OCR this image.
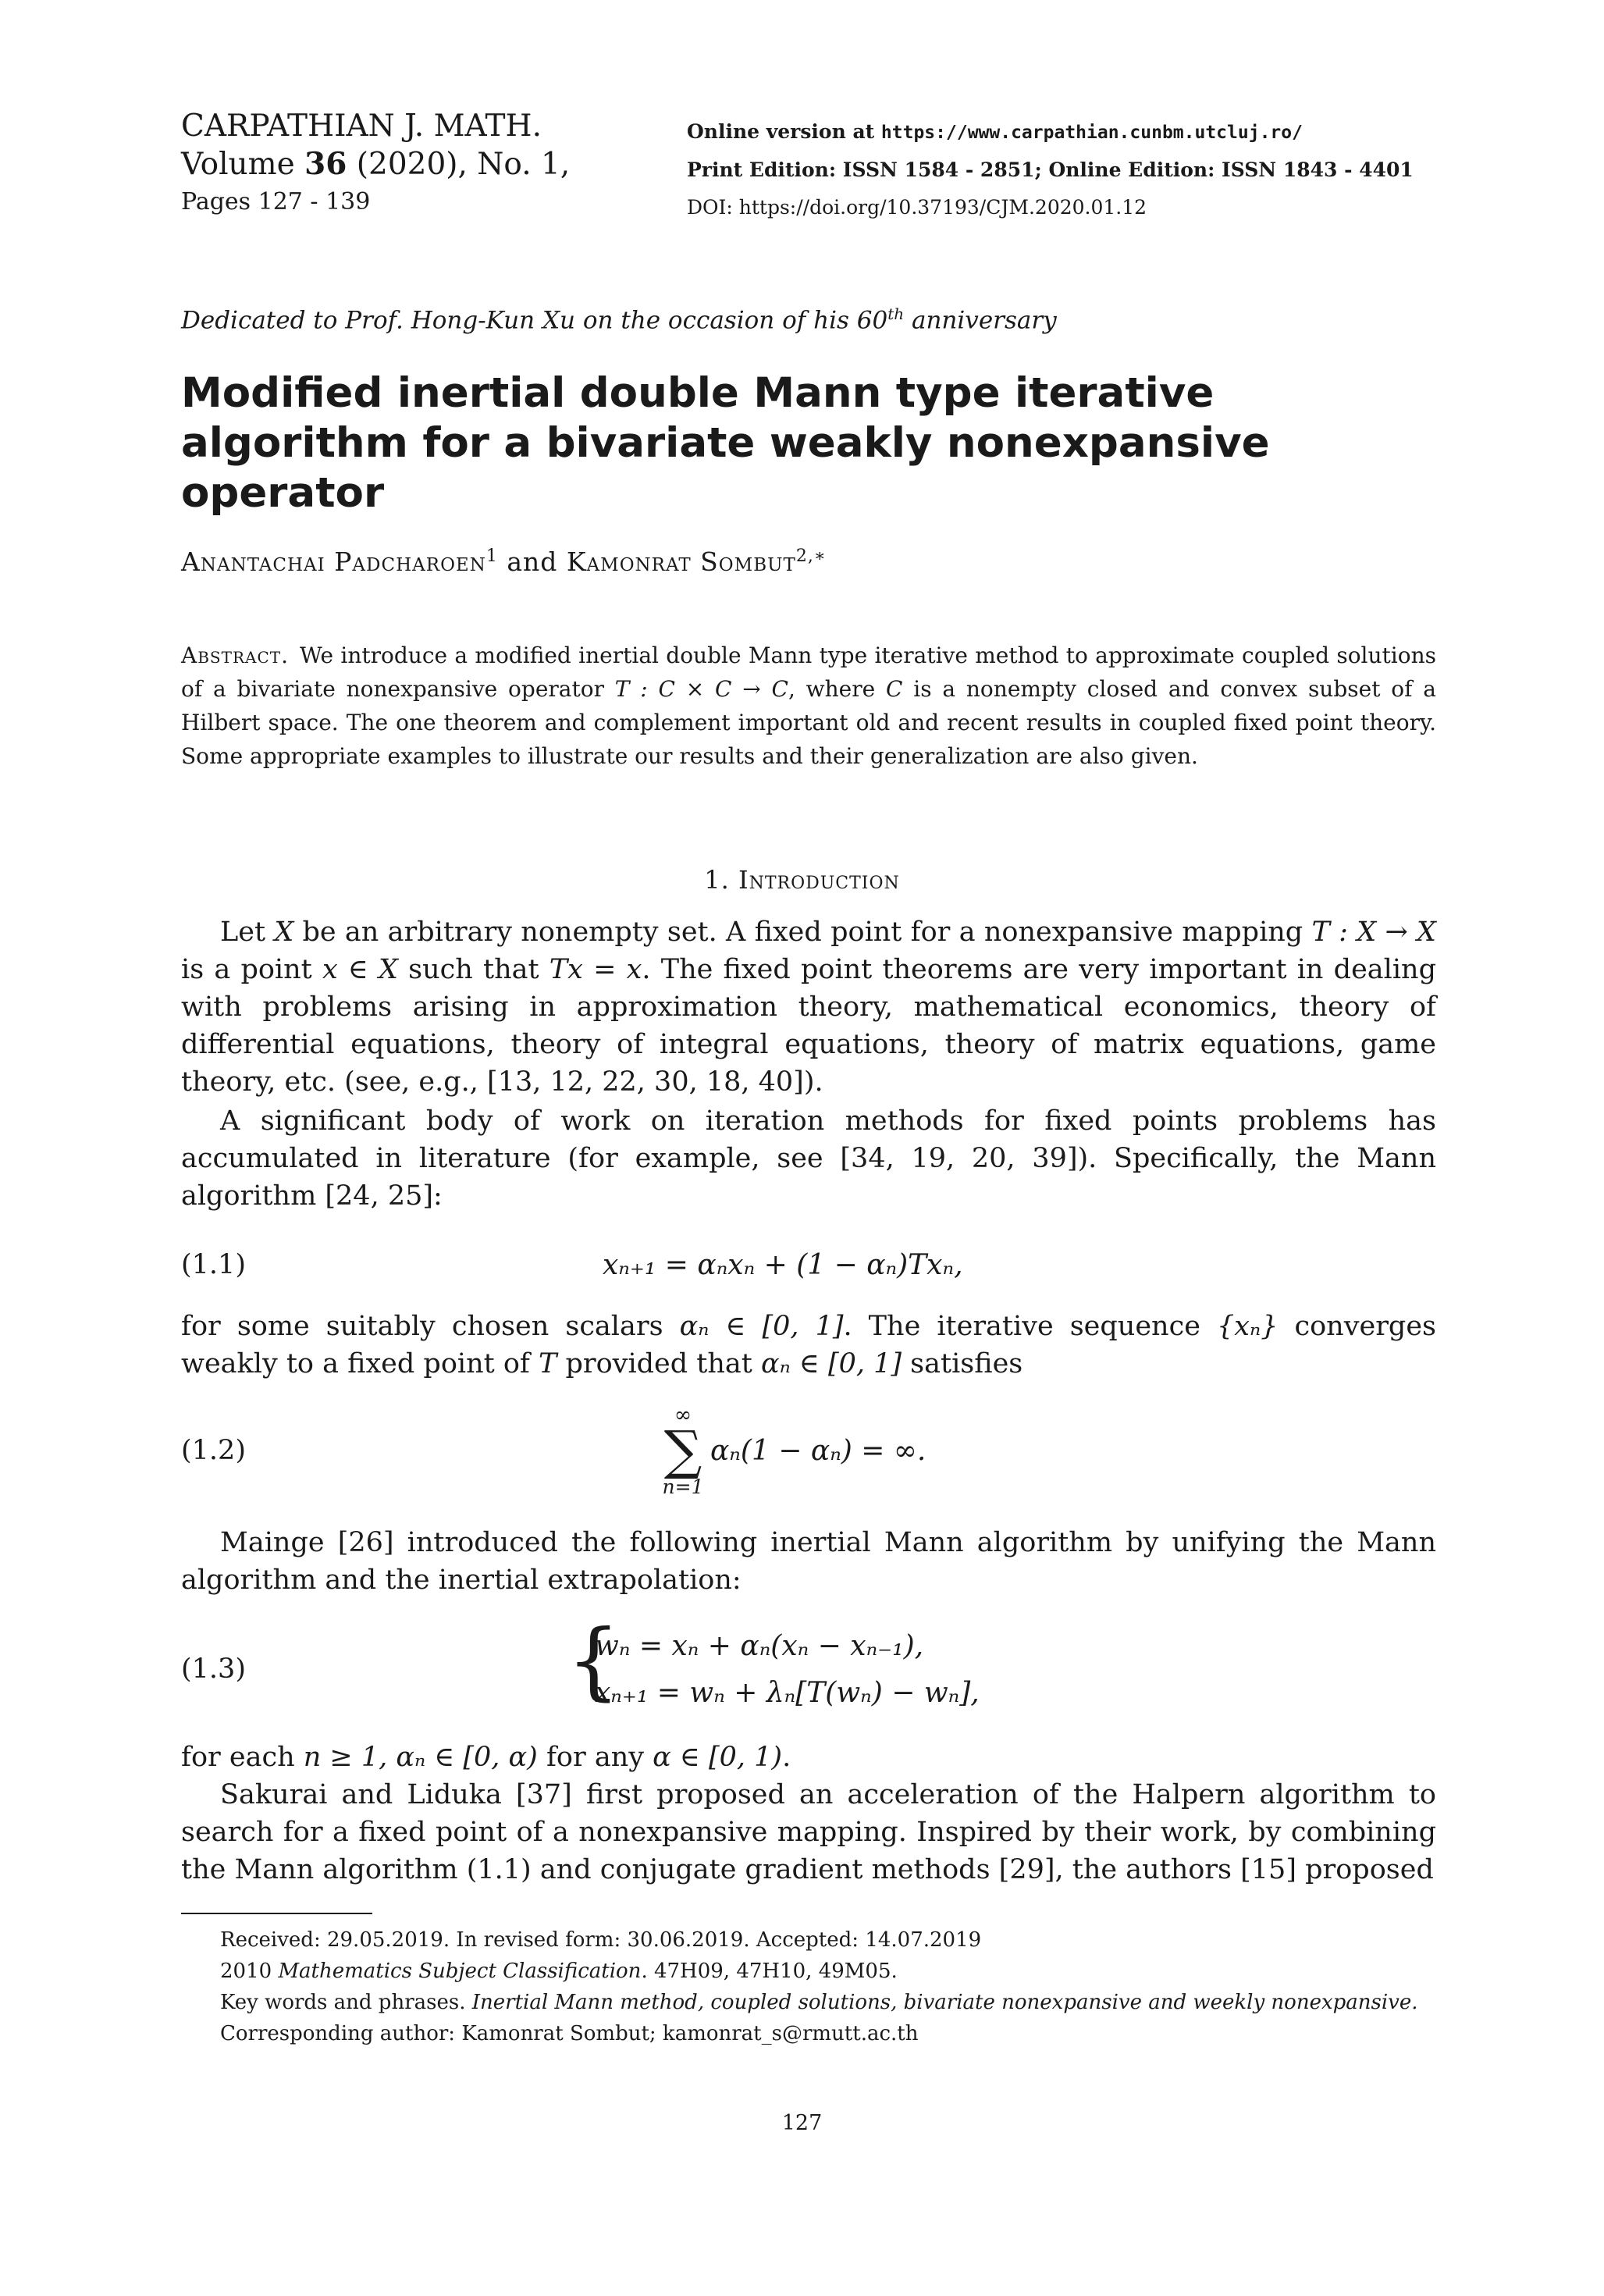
CARPATHIAN J. MATH.
Volume 36 (2020), No. 1,
Pages 127 - 139
Online version at https://www.carpathian.cunbm.utcluj.ro/
Print Edition: ISSN 1584 - 2851; Online Edition: ISSN 1843 - 4401
DOI: https://doi.org/10.37193/CJM.2020.01.12
Dedicated to Prof. Hong-Kun Xu on the occasion of his 60th anniversary
Modified inertial double Mann type iterative algorithm for a bivariate weakly nonexpansive operator
Anantachai Padcharoen$^1$ and Kamonrat Sombut$^{2,∗}$
Abstract. We introduce a modified inertial double Mann type iterative method to approximate coupled solutions of a bivariate nonexpansive operator T : C × C → C, where C is a nonempty closed and convex subset of a Hilbert space. The one theorem and complement important old and recent results in coupled fixed point theory. Some appropriate examples to illustrate our results and their generalization are also given.
1. Introduction
Let X be an arbitrary nonempty set. A fixed point for a nonexpansive mapping T : X → X is a point x ∈ X such that Tx = x. The fixed point theorems are very important in dealing with problems arising in approximation theory, mathematical economics, theory of differential equations, theory of integral equations, theory of matrix equations, game theory, etc. (see, e.g., [13, 12, 22, 30, 18, 40]).
A significant body of work on iteration methods for fixed points problems has accumulated in literature (for example, see [34, 19, 20, 39]). Specifically, the Mann algorithm [24, 25]:
(1.1)	xₙ₊₁ = αₙxₙ + (1 − αₙ)Txₙ,
for some suitably chosen scalars αₙ ∈ [0, 1]. The iterative sequence {xₙ} converges weakly to a fixed point of T provided that αₙ ∈ [0, 1] satisfies
(1.2)
∞
∑
n=1
αₙ(1 − αₙ) = ∞.
Mainge [26] introduced the following inertial Mann algorithm by unifying the Mann algorithm and the inertial extrapolation:
(1.3)	{
wₙ = xₙ + αₙ(xₙ − xₙ₋₁),
xₙ₊₁ = wₙ + λₙ[T(wₙ) − wₙ],
for each n ≥ 1, αₙ ∈ [0, α) for any α ∈ [0, 1).
Sakurai and Liduka [37] first proposed an acceleration of the Halpern algorithm to search for a fixed point of a nonexpansive mapping. Inspired by their work, by combining the Mann algorithm (1.1) and conjugate gradient methods [29], the authors [15] proposed
Received: 29.05.2019. In revised form: 30.06.2019. Accepted: 14.07.2019
2010 Mathematics Subject Classification. 47H09, 47H10, 49M05.
Key words and phrases. Inertial Mann method, coupled solutions, bivariate nonexpansive and weekly nonexpansive.
Corresponding author: Kamonrat Sombut; kamonrat_s@rmutt.ac.th
127
